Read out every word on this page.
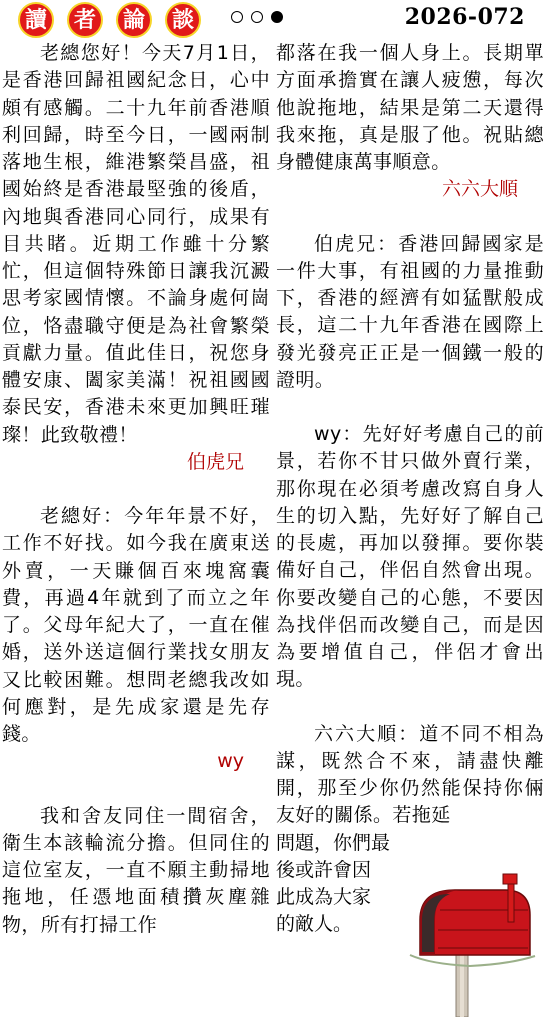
讀	者	論	談	2026-072

老總您好！今天7月1日，是香港回歸祖國紀念日，心中頗有感觸。二十九年前香港順利回歸，時至今日，一國兩制落地生根，維港繁榮昌盛，祖國始終是香港最堅強的後盾，內地與香港同心同行，成果有目共睹。近期工作雖十分繁忙，但這個特殊節日讓我沉澱思考家國情懷。不論身處何崗位，恪盡職守便是為社會繁榮貢獻力量。值此佳日，祝您身體安康、闔家美滿！祝祖國國泰民安，香港未來更加興旺璀璨！此致敬禮！

伯虎兄

老總好：今年年景不好，工作不好找。如今我在廣東送外賣，一天賺個百來塊窩囊費，再過4年就到了而立之年了。父母年紀大了，一直在催婚，送外送這個行業找女朋友又比較困難。想問老總我改如何應對，是先成家還是先存錢。

wy

我和舍友同住一間宿舍，衛生本該輪流分擔。但同住的這位室友，一直不願主動掃地拖地，任憑地面積攢灰塵雜物，所有打掃工作

都落在我一個人身上。長期單方面承擔實在讓人疲憊，每次他說拖地，結果是第二天還得我來拖，真是服了他。祝貼總身體健康萬事順意。

六六大順

伯虎兄：香港回歸國家是一件大事，有祖國的力量推動下，香港的經濟有如猛獸般成長，這二十九年香港在國際上發光發亮正正是一個鐵一般的證明。

wy：先好好考慮自己的前景，若你不甘只做外賣行業，那你現在必須考慮改寫自身人生的切入點，先好好了解自己的長處，再加以發揮。要你裝備好自己，伴侶自然會出現。你要改變自己的心態，不要因為找伴侶而改變自己，而是因為要增值自己，伴侶才會出現。

六六大順：道不同不相為謀，既然合不來，請盡快離開，那至少你仍然能保持你倆友好的關係。若拖延

問題，你們最

後或許會因

此成為大家

的敵人。
